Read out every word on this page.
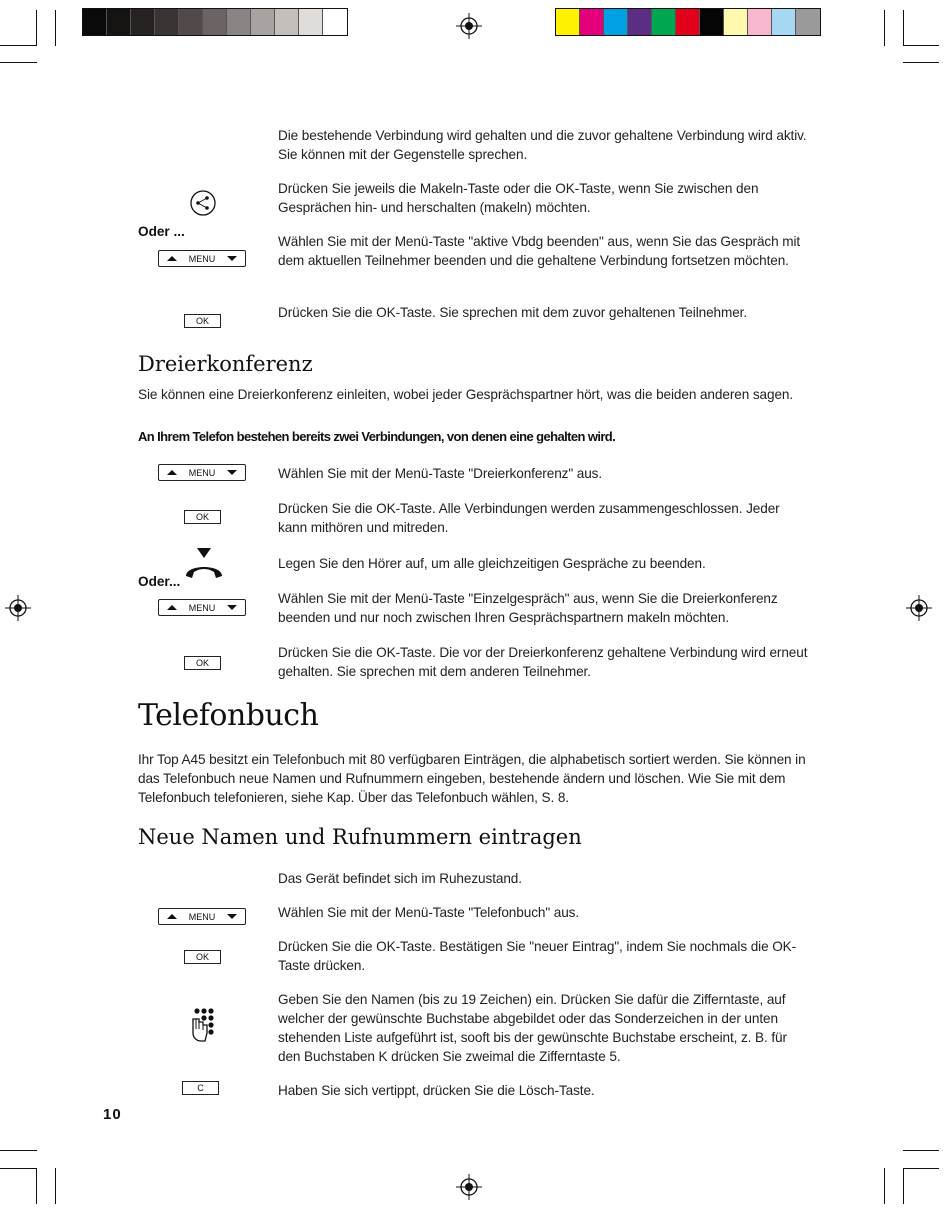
Die bestehende Verbindung wird gehalten und die zuvor gehaltene Verbindung wird aktiv. Sie können mit der Gegenstelle sprechen.
Drücken Sie jeweils die Makeln-Taste oder die OK-Taste, wenn Sie zwischen den Gesprächen hin- und herschalten (makeln) möchten.
Oder ...
MENU
Wählen Sie mit der Menü-Taste "aktive Vbdg beenden" aus, wenn Sie das Gespräch mit dem aktuellen Teilnehmer beenden und die gehaltene Verbindung fortsetzen möchten.
OK
Drücken Sie die OK-Taste. Sie sprechen mit dem zuvor gehaltenen Teilnehmer.
Dreierkonferenz
Sie können eine Dreierkonferenz einleiten, wobei jeder Gesprächspartner hört, was die beiden anderen sagen.
An Ihrem Telefon bestehen bereits zwei Verbindungen, von denen eine gehalten wird.
MENU	Wählen Sie mit der Menü-Taste "Dreierkonferenz" aus.
OK
Drücken Sie die OK-Taste. Alle Verbindungen werden zusammengeschlossen. Jeder kann mithören und mitreden.
Oder...
Legen Sie den Hörer auf, um alle gleichzeitigen Gespräche zu beenden.
MENU
Wählen Sie mit der Menü-Taste "Einzelgespräch" aus, wenn Sie die Dreierkonferenz beenden und nur noch zwischen Ihren Gesprächspartnern makeln möchten.
OK
Drücken Sie die OK-Taste. Die vor der Dreierkonferenz gehaltene Verbindung wird erneut gehalten. Sie sprechen mit dem anderen Teilnehmer.
Telefonbuch
Ihr Top A45 besitzt ein Telefonbuch mit 80 verfügbaren Einträgen, die alphabetisch sortiert werden. Sie können in das Telefonbuch neue Namen und Rufnummern eingeben, bestehende ändern und löschen. Wie Sie mit dem Telefonbuch telefonieren, siehe Kap. Über das Telefonbuch wählen, S. 8.
Neue Namen und Rufnummern eintragen
Das Gerät befindet sich im Ruhezustand.
MENU	Wählen Sie mit der Menü-Taste "Telefonbuch" aus.
OK
Drücken Sie die OK-Taste. Bestätigen Sie "neuer Eintrag", indem Sie nochmals die OK-Taste drücken.
Geben Sie den Namen (bis zu 19 Zeichen) ein. Drücken Sie dafür die Zifferntaste, auf welcher der gewünschte Buchstabe abgebildet oder das Sonderzeichen in der unten stehenden Liste aufgeführt ist, sooft bis der gewünschte Buchstabe erscheint, z. B. für den Buchstaben K drücken Sie zweimal die Zifferntaste 5.
C	Haben Sie sich vertippt, drücken Sie die Lösch-Taste.
10
